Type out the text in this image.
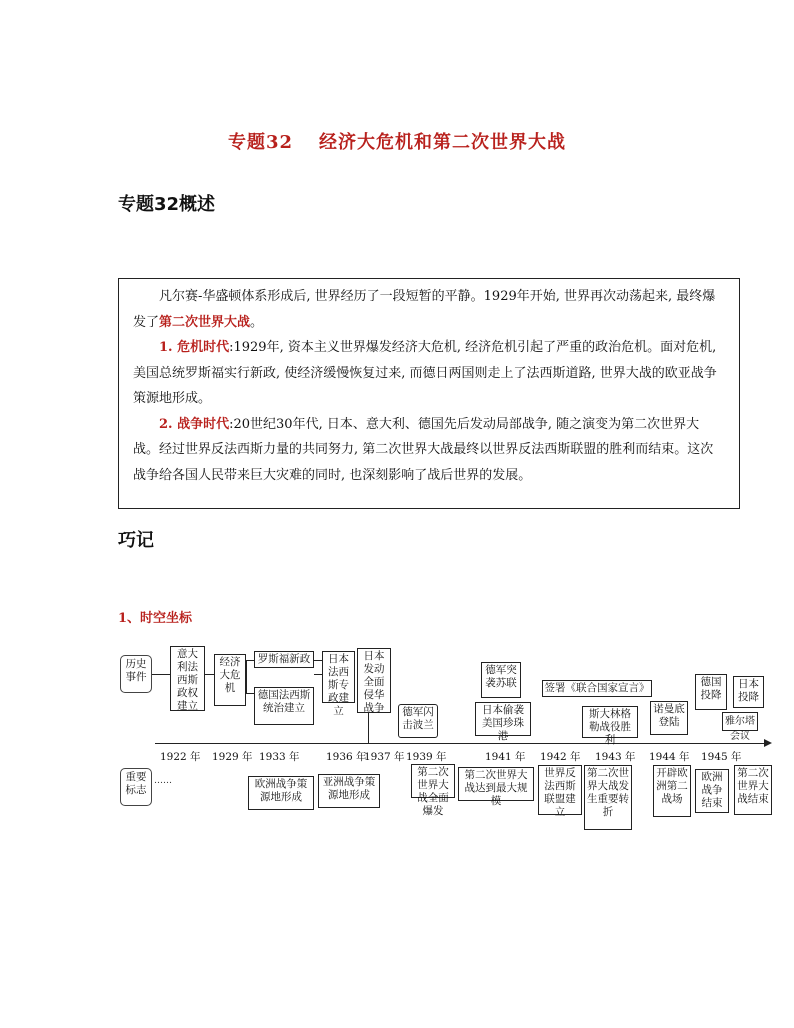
专题32 经济大危机和第二次世界大战
专题32概述

凡尔赛-华盛顿体系形成后, 世界经历了一段短暂的平静。1929年开始, 世界再次动荡起来, 最终爆发了第二次世界大战。

1. 危机时代:1929年, 资本主义世界爆发经济大危机, 经济危机引起了严重的政治危机。面对危机, 美国总统罗斯福实行新政, 使经济缓慢恢复过来, 而德日两国则走上了法西斯道路, 世界大战的欧亚战争策源地形成。

2. 战争时代:20世纪30年代, 日本、意大利、德国先后发动局部战争, 随之演变为第二次世界大战。经过世界反法西斯力量的共同努力, 第二次世界大战最终以世界反法西斯联盟的胜利而结束。这次战争给各国人民带来巨大灾难的同时, 也深刻影响了战后世界的发展。

巧记
1、时空坐标
历史事件
重要标志
……
1922 年 1929 年 1933 年	1936 年
1937 年 1939 年	1941 年 1942 年 1943 年 1944 年 1945 年
意大利法西斯政权建立
经济大危机
罗斯福新政
德国法西斯统治建立
日本法西斯专政建立
日本发动全面侵华战争	德军闪击波兰
德军突袭苏联
日本偷袭美国珍珠港
签署《联合国家宣言》
斯大林格勒战役胜利
诺曼底登陆
德国投降
雅尔塔会议
日本投降
欧洲战争策源地形成
亚洲战争策源地形成
第二次世界大战全面爆发
第二次世界大战达到最大规模
世界反法西斯联盟建立
第二次世界大战发生重要转折
开辟欧洲第二战场
欧洲战争结束
第二次世界大战结束
